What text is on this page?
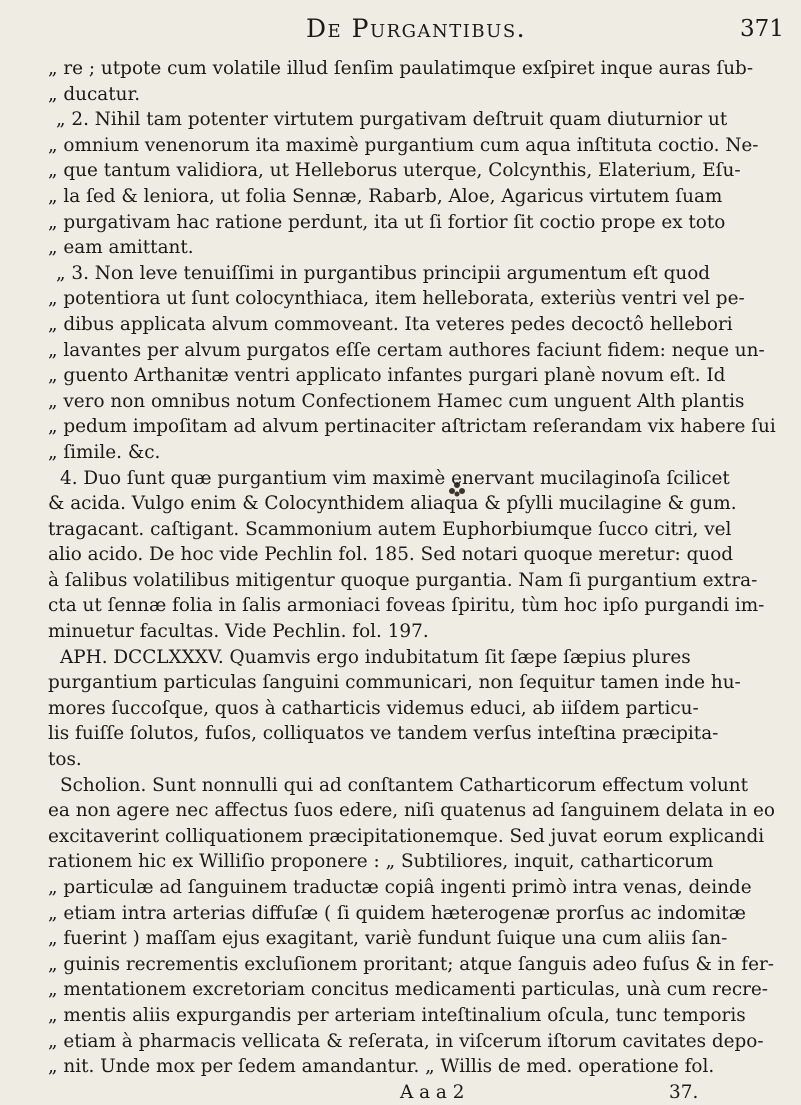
De Purgantibus.	371
„ re ; utpote cum volatile illud ſenſim paulatimque exſpiret inque auras ſub-
„ ducatur.
„ 2. Nihil tam potenter virtutem purgativam deſtruit quam diuturnior ut
„ omnium venenorum ita maximè purgantium cum aqua inſtituta coctio. Ne-
„ que tantum validiora, ut Helleborus uterque, Colcynthis, Elaterium, Eſu-
„ la ſed & leniora, ut folia Sennæ, Rabarb, Aloe, Agaricus virtutem ſuam
„ purgativam hac ratione perdunt, ita ut ſi fortior ſit coctio prope ex toto
„ eam amittant.
„ 3. Non leve tenuiſſimi in purgantibus principii argumentum eſt quod
„ potentiora ut ſunt colocynthiaca, item helleborata, exteriùs ventri vel pe-
„ dibus applicata alvum commoveant. Ita veteres pedes decoctô hellebori
„ lavantes per alvum purgatos eſſe certam authores faciunt fidem: neque un-
„ guento Arthanitæ ventri applicato infantes purgari planè novum eſt. Id
„ vero non omnibus notum Confectionem Hamec cum unguent Alth plantis
„ pedum impoſitam ad alvum pertinaciter aſtrictam reſerandam vix habere ſui
„ ſimile. &c.
4. Duo ſunt quæ purgantium vim maximè enervant mucilaginoſa ſcilicet
& acida. Vulgo enim & Colocynthidem aliaqua & pſylli mucilagine & gum.
tragacant. caſtigant. Scammonium autem Euphorbiumque ſucco citri, vel
alio acido. De hoc vide Pechlin fol. 185. Sed notari quoque meretur: quod
à ſalibus volatilibus mitigentur quoque purgantia. Nam ſi purgantium extra-
cta ut ſennæ folia in ſalis armoniaci foveas ſpiritu, tùm hoc ipſo purgandi im-
minuetur facultas. Vide Pechlin. fol. 197.
APH. DCCLXXXV. Quamvis ergo indubitatum ſit ſæpe ſæpius plures
purgantium particulas ſanguini communicari, non ſequitur tamen inde hu-
mores ſuccoſque, quos à catharticis videmus educi, ab iiſdem particu-
lis fuiſſe ſolutos, fuſos, colliquatos ve tandem verſus inteſtina præcipita-
tos.
Scholion. Sunt nonnulli qui ad conſtantem Catharticorum effectum volunt
ea non agere nec affectus ſuos edere, niſi quatenus ad ſanguinem delata in eo
excitaverint colliquationem præcipitationemque. Sed juvat eorum explicandi
rationem hic ex Williſio proponere : „ Subtiliores, inquit, catharticorum
„ particulæ ad ſanguinem traductæ copiâ ingenti primò intra venas, deinde
„ etiam intra arterias diffuſæ ( ſi quidem hæterogenæ prorſus ac indomitæ
„ fuerint ) maſſam ejus exagitant, variè fundunt ſuique una cum aliis ſan-
„ guinis recrementis excluſionem proritant; atque ſanguis adeo fuſus & in fer-
„ mentationem excretoriam concitus medicamenti particulas, unà cum recre-
„ mentis aliis expurgandis per arteriam inteſtinalium oſcula, tunc temporis
„ etiam à pharmacis vellicata & reſerata, in viſcerum iſtorum cavitates depo-
„ nit. Unde mox per ſedem amandantur. „ Willis de med. operatione fol.
A a a 2                                   37.
